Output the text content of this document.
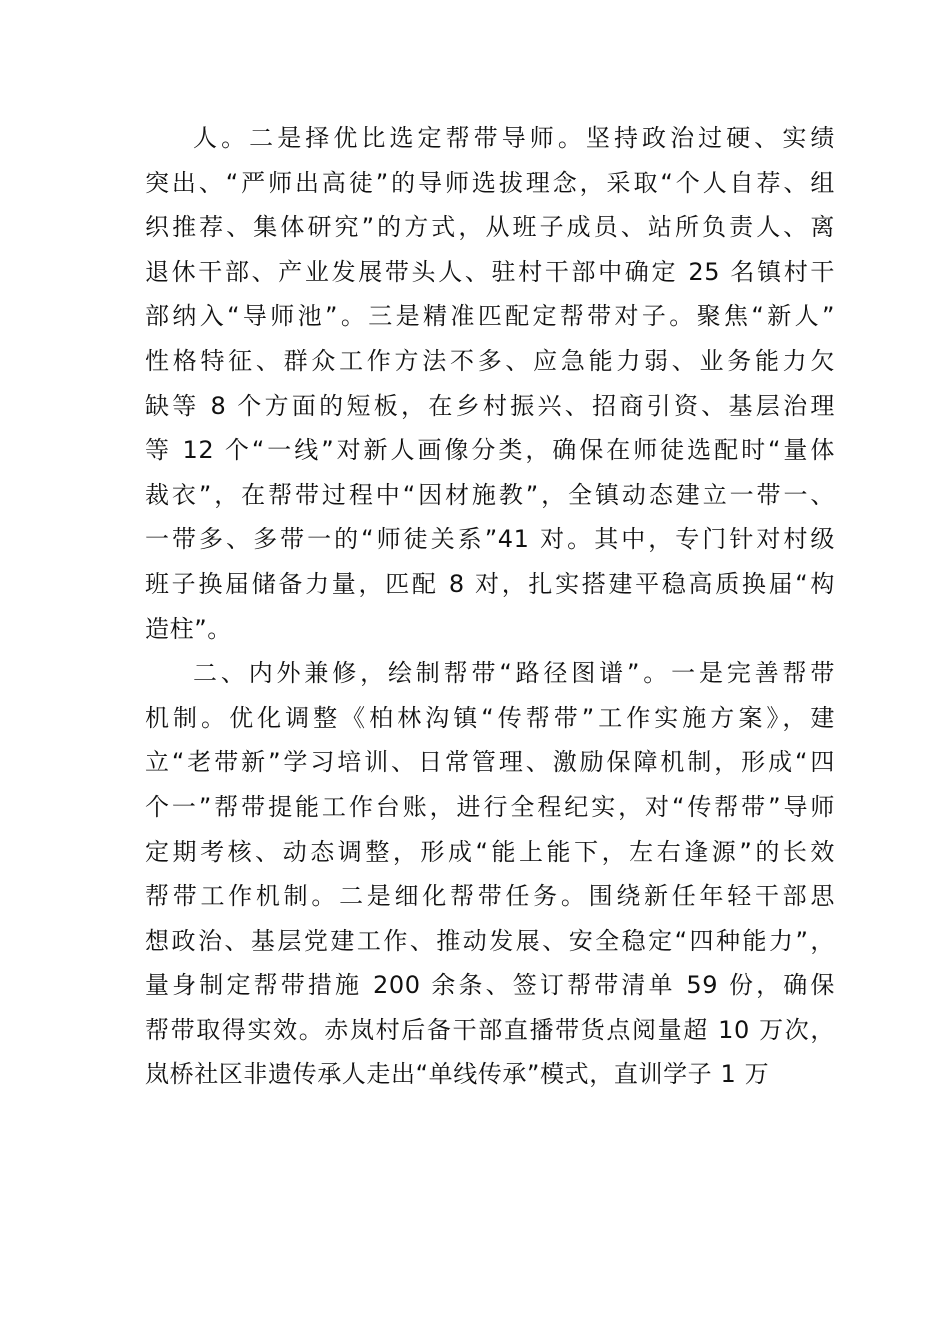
人。二是择优比选定帮带导师。坚持政治过硬、实绩
突出、“严师出高徒”的导师选拔理念，采取“个人自荐、组
织推荐、集体研究”的方式，从班子成员、站所负责人、离
退休干部、产业发展带头人、驻村干部中确定 25 名镇村干
部纳入“导师池”。三是精准匹配定帮带对子。聚焦“新人”
性格特征、群众工作方法不多、应急能力弱、业务能力欠
缺等 8 个方面的短板，在乡村振兴、招商引资、基层治理
等 12 个“一线”对新人画像分类，确保在师徒选配时“量体
裁衣”，在帮带过程中“因材施教”，全镇动态建立一带一、
一带多、多带一的“师徒关系”41 对。其中，专门针对村级
班子换届储备力量，匹配 8 对，扎实搭建平稳高质换届“构
造柱”。
二、内外兼修，绘制帮带“路径图谱”。一是完善帮带
机制。优化调整《柏林沟镇“传帮带”工作实施方案》，建
立“老带新”学习培训、日常管理、激励保障机制，形成“四
个一”帮带提能工作台账，进行全程纪实，对“传帮带”导师
定期考核、动态调整，形成“能上能下，左右逢源”的长效
帮带工作机制。二是细化帮带任务。围绕新任年轻干部思
想政治、基层党建工作、推动发展、安全稳定“四种能力”，
量身制定帮带措施 200 余条、签订帮带清单 59 份，确保
帮带取得实效。赤岚村后备干部直播带货点阅量超 10 万次，
岚桥社区非遗传承人走出“单线传承”模式，直训学子 1 万
